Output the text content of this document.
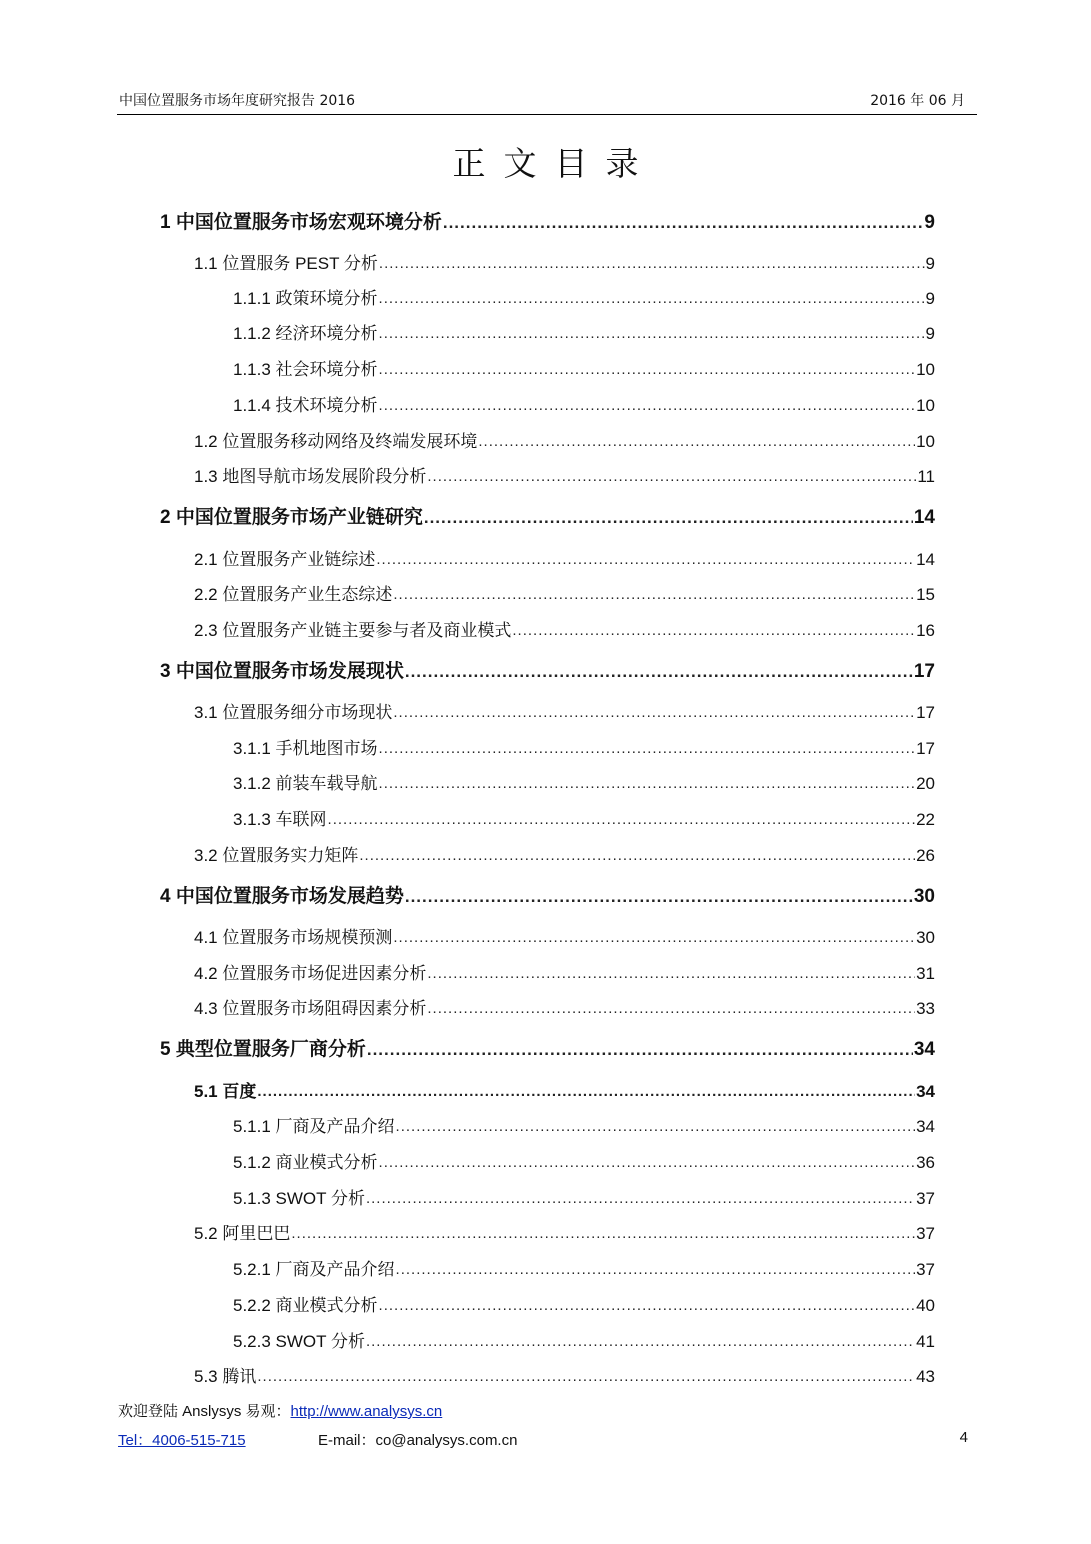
中国位置服务市场年度研究报告 2016	2016 年 06 月
正文目录
1 中国位置服务市场宏观环境分析 .....	9
1.1 位置服务 PEST 分析 .....	9
1.1.1 政策环境分析 .....	9
1.1.2 经济环境分析 .....	9
1.1.3 社会环境分析 .....	10
1.1.4 技术环境分析 .....	10
1.2 位置服务移动网络及终端发展环境 .....	10
1.3 地图导航市场发展阶段分析 .....	11
2 中国位置服务市场产业链研究 .....	14
2.1 位置服务产业链综述 .....	14
2.2 位置服务产业生态综述 .....	15
2.3 位置服务产业链主要参与者及商业模式 .....	16
3 中国位置服务市场发展现状 .....	17
3.1 位置服务细分市场现状 .....	17
3.1.1 手机地图市场 .....	17
3.1.2 前装车载导航 .....	20
3.1.3 车联网 .....	22
3.2 位置服务实力矩阵 .....	26
4 中国位置服务市场发展趋势 .....	30
4.1 位置服务市场规模预测 .....	30
4.2 位置服务市场促进因素分析 .....	31
4.3 位置服务市场阻碍因素分析 .....	33
5 典型位置服务厂商分析 .....	34
5.1 百度 .....	34
5.1.1 厂商及产品介绍 .....	34
5.1.2 商业模式分析 .....	36
5.1.3 SWOT 分析 .....	37
5.2 阿里巴巴 .....	37
5.2.1 厂商及产品介绍 .....	37
5.2.2 商业模式分析 .....	40
5.2.3 SWOT 分析 .....	41
5.3 腾讯 .....	43
欢迎登陆 Anslysys 易观：http://www.analysys.cn
Tel：4006-515-715	E-mail：co@analysys.com.cn	4
